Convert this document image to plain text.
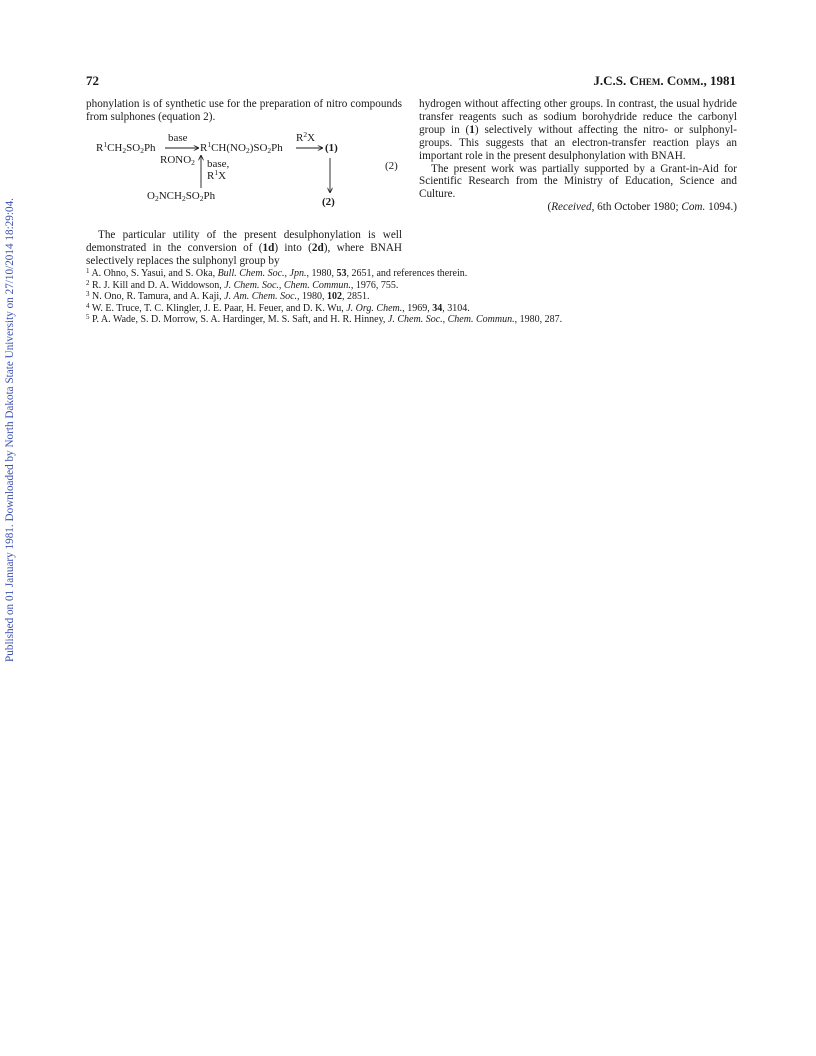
Published on 01 January 1981. Downloaded by North Dakota State University on 27/10/2014 18:29:04.
72	J.C.S. Chem. Comm., 1981

phonylation is of synthetic use for the preparation of nitro compounds from sulphones (equation 2).

base	$R^2X$
$R^1CH_2SO_2Ph$	$R^1CH(NO_2)SO_2Ph$	(1)
$RONO_2$ base,	(2)
$R^1X$
$O_2NCH_2SO_2Ph$	(2)

The particular utility of the present desulphonylation is well demonstrated in the conversion of (1d) into (2d), where BNAH selectively replaces the sulphonyl group by

hydrogen without affecting other groups. In contrast, the usual hydride transfer reagents such as sodium borohydride reduce the carbonyl group in (1) selectively without affecting the nitro- or sulphonyl-groups. This suggests that an electron-transfer reaction plays an important role in the present desulphonylation with BNAH.

The present work was partially supported by a Grant-in-Aid for Scientific Research from the Ministry of Education, Science and Culture.

(Received, 6th October 1980; Com. 1094.)

$^1$ A. Ohno, S. Yasui, and S. Oka, Bull. Chem. Soc., Jpn., 1980, 53, 2651, and references therein.
$^2$ R. J. Kill and D. A. Widdowson, J. Chem. Soc., Chem. Commun., 1976, 755.
$^3$ N. Ono, R. Tamura, and A. Kaji, J. Am. Chem. Soc., 1980, 102, 2851.
$^4$ W. E. Truce, T. C. Klingler, J. E. Paar, H. Feuer, and D. K. Wu, J. Org. Chem., 1969, 34, 3104.
$^5$ P. A. Wade, S. D. Morrow, S. A. Hardinger, M. S. Saft, and H. R. Hinney, J. Chem. Soc., Chem. Commun., 1980, 287.
